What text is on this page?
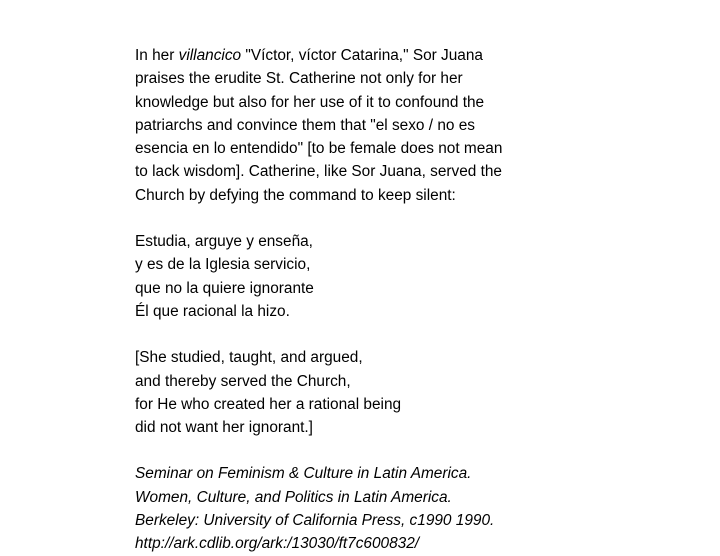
In her villancico "Víctor, víctor Catarina," Sor Juana
praises the erudite St. Catherine not only for her
knowledge but also for her use of it to confound the
patriarchs and convince them that "el sexo / no es
esencia en lo entendido" [to be female does not mean
to lack wisdom]. Catherine, like Sor Juana, served the
Church by defying the command to keep silent:

Estudia, arguye y enseña,
y es de la Iglesia servicio,
que no la quiere ignorante
Él que racional la hizo.

[She studied, taught, and argued,
and thereby served the Church,
for He who created her a rational being
did not want her ignorant.]

Seminar on Feminism & Culture in Latin America.
Women, Culture, and Politics in Latin America.
Berkeley: University of California Press, c1990 1990.
http://ark.cdlib.org/ark:/13030/ft7c600832/
